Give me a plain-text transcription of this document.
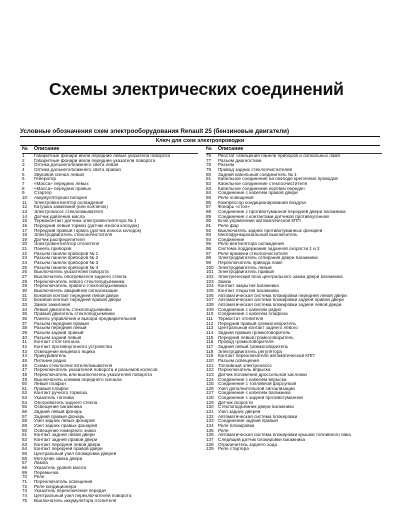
Схемы электрических соединений
Условные обозначения схем электрооборудования Renault 25 (бензиновые двигатели)
Ключ для схем электропроводки
№	Описание
1	Габаритные фонари и/или передние левые указатели поворота
2	Габаритные фонари и/или передние указатели поворота
3	Оптика дальнего/ближнего света левая
4	Оптика дальнего/ближнего света правая
5	Звуковой сигнал левый
6	Генератор
7	«Масса» передних левых
8	«Масса» передних правых
9	Стартер
10	Аккумуляторная батарея
11	Электровентилятор охлаждения
12	Катушка зажигания (или колпачок)
13	Электронасос стеклоомывателя
14	Датчик давления масла
15	Термоконтакт датчика электровентилятора № 1
16	Передний левый тормоз (датчик износа колодок)
17	Передний правый тормоз (датчик износа колодок)
18	Электродвигатель стеклоочистителя
19	Датчик распределителя
20	Электровентилятор отопителя
21	Панель приборов
22	Разъем панели приборов № 1
23	Разъем панели приборов № 2
24	Разъем панели приборов № 3
25	Разъем панели приборов № 4
26	Выключатель указателей поворота
27	Выключатель обогревателя заднего стекла
28	Переключатель левого стеклоподъемника
29	Переключатель правого стеклоподъемника
30	Выключатель аварийной сигнализации
31	Боковой контакт передней левой двери
32	Боковой контакт передней правой двери
33	Замок зажигания
34	Левый двигатель стеклоподъемника
35	Правый двигатель стеклоподъемника
36	Панель управления и выбора предварительной
37	Разъем передний правый
38	Разъем передний левый
39	Разъем задний правый
40	Разъем задний левый
41	Контакт стоп-сигнала
42	Контакт противоугонного устройства
43	Освещение вещевого ящика
44	Прикуриватель
45	Питание радио
46	Схема стеклоочистителя/омывателя
47	Переключатель указателей поворота и разъемов колесов
48	Переключатель или выключатель указателей поворота
49	Выключатель клемма переднего сигнала
50	Левый плафон
51	Правый плафон
52	Контакт ручного тормоза
53	Указатель топлива
54	Обогреватель заднего стекла
55	Освещение багажника
56	Задний левый фонарь
57	Задний правый фонарь
58	Узел задних левых фонарей
59	Узел задних правых фонарей
60	Освещение номерного знака
61	Контакт задней левой двери
62	Контакт задней правой двери
63	Контакт передней левой двери
64	Контакт передней правой двери
65	Центральный узел блокировки дверей
66	Моторчик замка двери
67	Лампа
68	Указатель уровня масла
69	Перемычка
70	Реле
71	Переключатель освещения
72	Реле кондиционера
73	Указатель переключения передач
74	Центральный узел переключателей поворота
75	Выключатель аккумулятора отопителя
№	Описание
76	Реостат освещения панели приборов и сигнальных ламп
77	Разъем диагностики
78	Разъем
79	Привод задних стеклоочистителей
80	Задний кабельный соединитель № 1
81	Кабельное соединение на свободе крепления проводов
82	Кабельное соединение стеклоочистителя
83	Кабельное соединение коробки передач
84	Соединение с кабелем правой двери
85	Реле освещения
86	Компрессор кондиционирования воздуха
87	Фонарь «стоп»
88	Соединение с противотуманной передней двери багажника
89	Соединение с контактами датчиков противоугонной
90	Блок управления автоматической КПП
91	Реле фар
92	Выключатель задних противотуманных фонарей
93	Многофункциональный выключатель
94	Соединение
95	Реле вентилятора охлаждения
96	Система поддержания заданной скорости 1 и 2
97	Реле времени стеклоочистителя
98	Электродвигатель отпирания двери багажника
99	Переключатель привода ламп
100 Электродвигатель левый
101 Электродвигатель правый
102 Электрический блок центрального замка двери багажника
103 Замок
104 Контакт закрытия багажника
105 Контакт открытия багажника
106 Автоматическая система блокировки передней левой двери
107 Автоматическая система блокировки задней правой двери
108 Автоматическая система блокировки задней левой двери
109 Соединение с кабелем радио
110	Соединение с кабелем плафона
111	Термостат отопителя
112	Передний правый громкоговоритель
113	Центральный контакт заднего левого
114	Задний правый громкоговоритель
115	Передний левый громкоговоритель
116	Провод громкоговорителя
117	Задний левый громкоговоритель
118	Электродвигатель регулятора
119	Контакт переключателя автоматической КПП
120 Разъем освещения
121 Топливный электронасос
122 Переключатель впрыска
123 Датчик положения дроссельной заслонки
124 Соединение с кабелем впрыска
125 Соединение с топливной форсункой
126 Узел дополнительной сигнализации
127 Соединение с кабелем багажника
128 Соединение с задней противотуманной
129 Датчик скорости
130 Стеклоподъемник двери багажника
131 Узел задних дверей
132 Автоматическая система блокировки
133 Соединение задний правый
134 Реле блокировки
135 Реле
136 Автоматическая система блокировки крышки топливного бака
137 Следящий датчик блокировки багажника
138 Ограничитель заднего хода
139 Реле стартера
